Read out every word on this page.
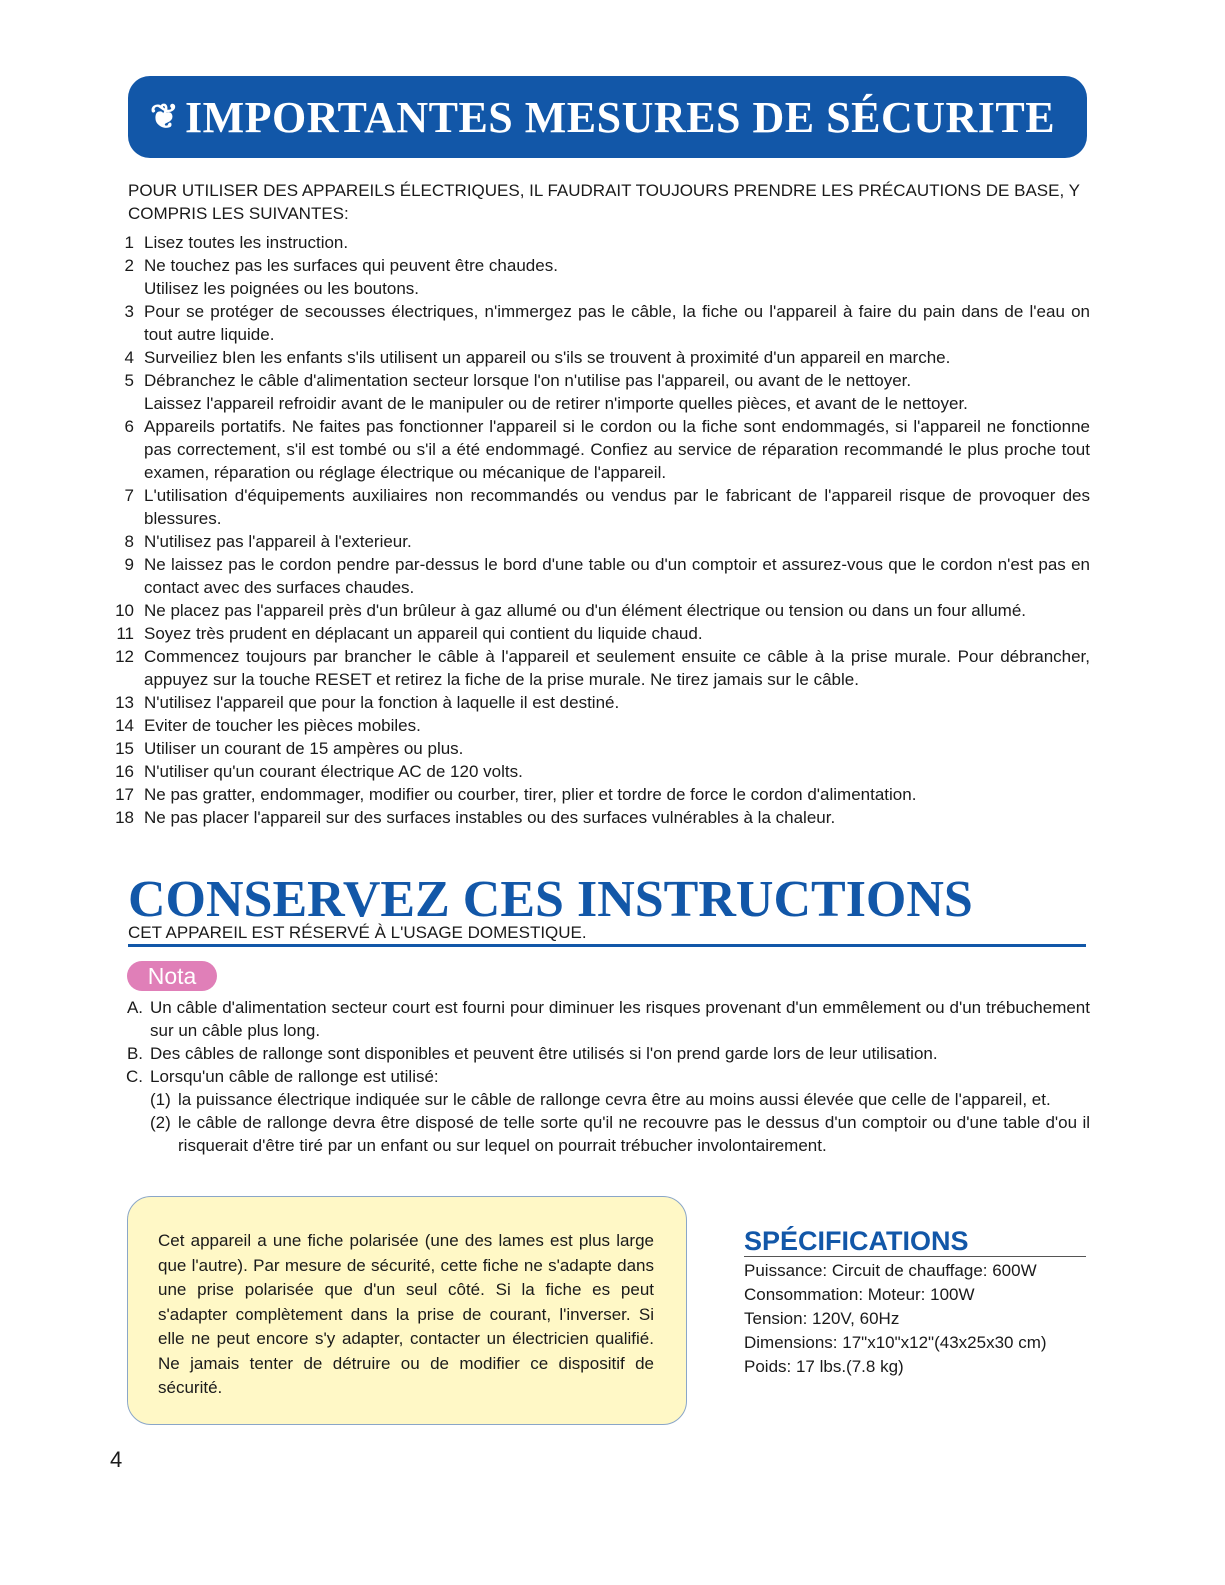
❦ IMPORTANTES MESURES DE SÉCURITE
POUR UTILISER DES APPAREILS ÉLECTRIQUES, IL FAUDRAIT TOUJOURS PRENDRE LES PRÉCAUTIONS DE BASE, Y COMPRIS LES SUIVANTES:
1 Lisez toutes les instruction.
2 Ne touchez pas les surfaces qui peuvent être chaudes.
Utilisez les poignées ou les boutons.
3 Pour se protéger de secousses électriques, n'immergez pas le câble, la fiche ou l'appareil à faire du pain dans de l'eau on tout autre liquide.
4 Surveiliez bIen les enfants s'ils utilisent un appareil ou s'ils se trouvent à proximité d'un appareil en marche.
5 Débranchez le câble d'alimentation secteur lorsque l'on n'utilise pas l'appareil, ou avant de le nettoyer.
Laissez l'appareil refroidir avant de le manipuler ou de retirer n'importe quelles pièces, et avant de le nettoyer.
6 Appareils portatifs. Ne faites pas fonctionner l'appareil si le cordon ou la fiche sont endommagés, si l'appareil ne fonctionne pas correctement, s'il est tombé ou s'il a été endommagé. Confiez au service de réparation recommandé le plus proche tout examen, réparation ou réglage électrique ou mécanique de l'appareil.
7 L'utilisation d'équipements auxiliaires non recommandés ou vendus par le fabricant de l'appareil risque de provoquer des blessures.
8 N'utilisez pas l'appareil à l'exterieur.
9 Ne laissez pas le cordon pendre par-dessus le bord d'une table ou d'un comptoir et assurez-vous que le cordon n'est pas en contact avec des surfaces chaudes.
10 Ne placez pas l'appareil près d'un brûleur à gaz allumé ou d'un élément électrique ou tension ou dans un four allumé.
11 Soyez très prudent en déplacant un appareil qui contient du liquide chaud.
12 Commencez toujours par brancher le câble à l'appareil et seulement ensuite ce câble à la prise murale. Pour débrancher, appuyez sur la touche RESET et retirez la fiche de la prise murale. Ne tirez jamais sur le câble.
13 N'utilisez l'appareil que pour la fonction à laquelle il est destiné.
14 Eviter de toucher les pièces mobiles.
15 Utiliser un courant de 15 ampères ou plus.
16 N'utiliser qu'un courant électrique AC de 120 volts.
17 Ne pas gratter, endommager, modifier ou courber, tirer, plier et tordre de force le cordon d'alimentation.
18 Ne pas placer l'appareil sur des surfaces instables ou des surfaces vulnérables à la chaleur.
CONSERVEZ CES INSTRUCTIONS
CET APPAREIL EST RÉSERVÉ À L'USAGE DOMESTIQUE.
Nota
A. Un câble d'alimentation secteur court est fourni pour diminuer les risques provenant d'un emmêlement ou d'un trébuchement sur un câble plus long.
B. Des câbles de rallonge sont disponibles et peuvent être utilisés si l'on prend garde lors de leur utilisation.
C. Lorsqu'un câble de rallonge est utilisé:
(1) la puissance électrique indiquée sur le câble de rallonge cevra être au moins aussi élevée que celle de l'appareil, et.
(2) le câble de rallonge devra être disposé de telle sorte qu'il ne recouvre pas le dessus d'un comptoir ou d'une table d'ou il risquerait d'être tiré par un enfant ou sur lequel on pourrait trébucher involontairement.
Cet appareil a une fiche polarisée (une des lames est plus large que l'autre). Par mesure de sécurité, cette fiche ne s'adapte dans une prise polarisée que d'un seul côté. Si la fiche es peut s'adapter complètement dans la prise de courant, l'inverser. Si elle ne peut encore s'y adapter, contacter un électricien qualifié. Ne jamais tenter de détruire ou de modifier ce dispositif de sécurité.
SPÉCIFICATIONS
Puissance: Circuit de chauffage: 600W
Consommation: Moteur: 100W
Tension: 120V, 60Hz
Dimensions: 17"x10"x12"(43x25x30 cm)
Poids: 17 lbs.(7.8 kg)
4
